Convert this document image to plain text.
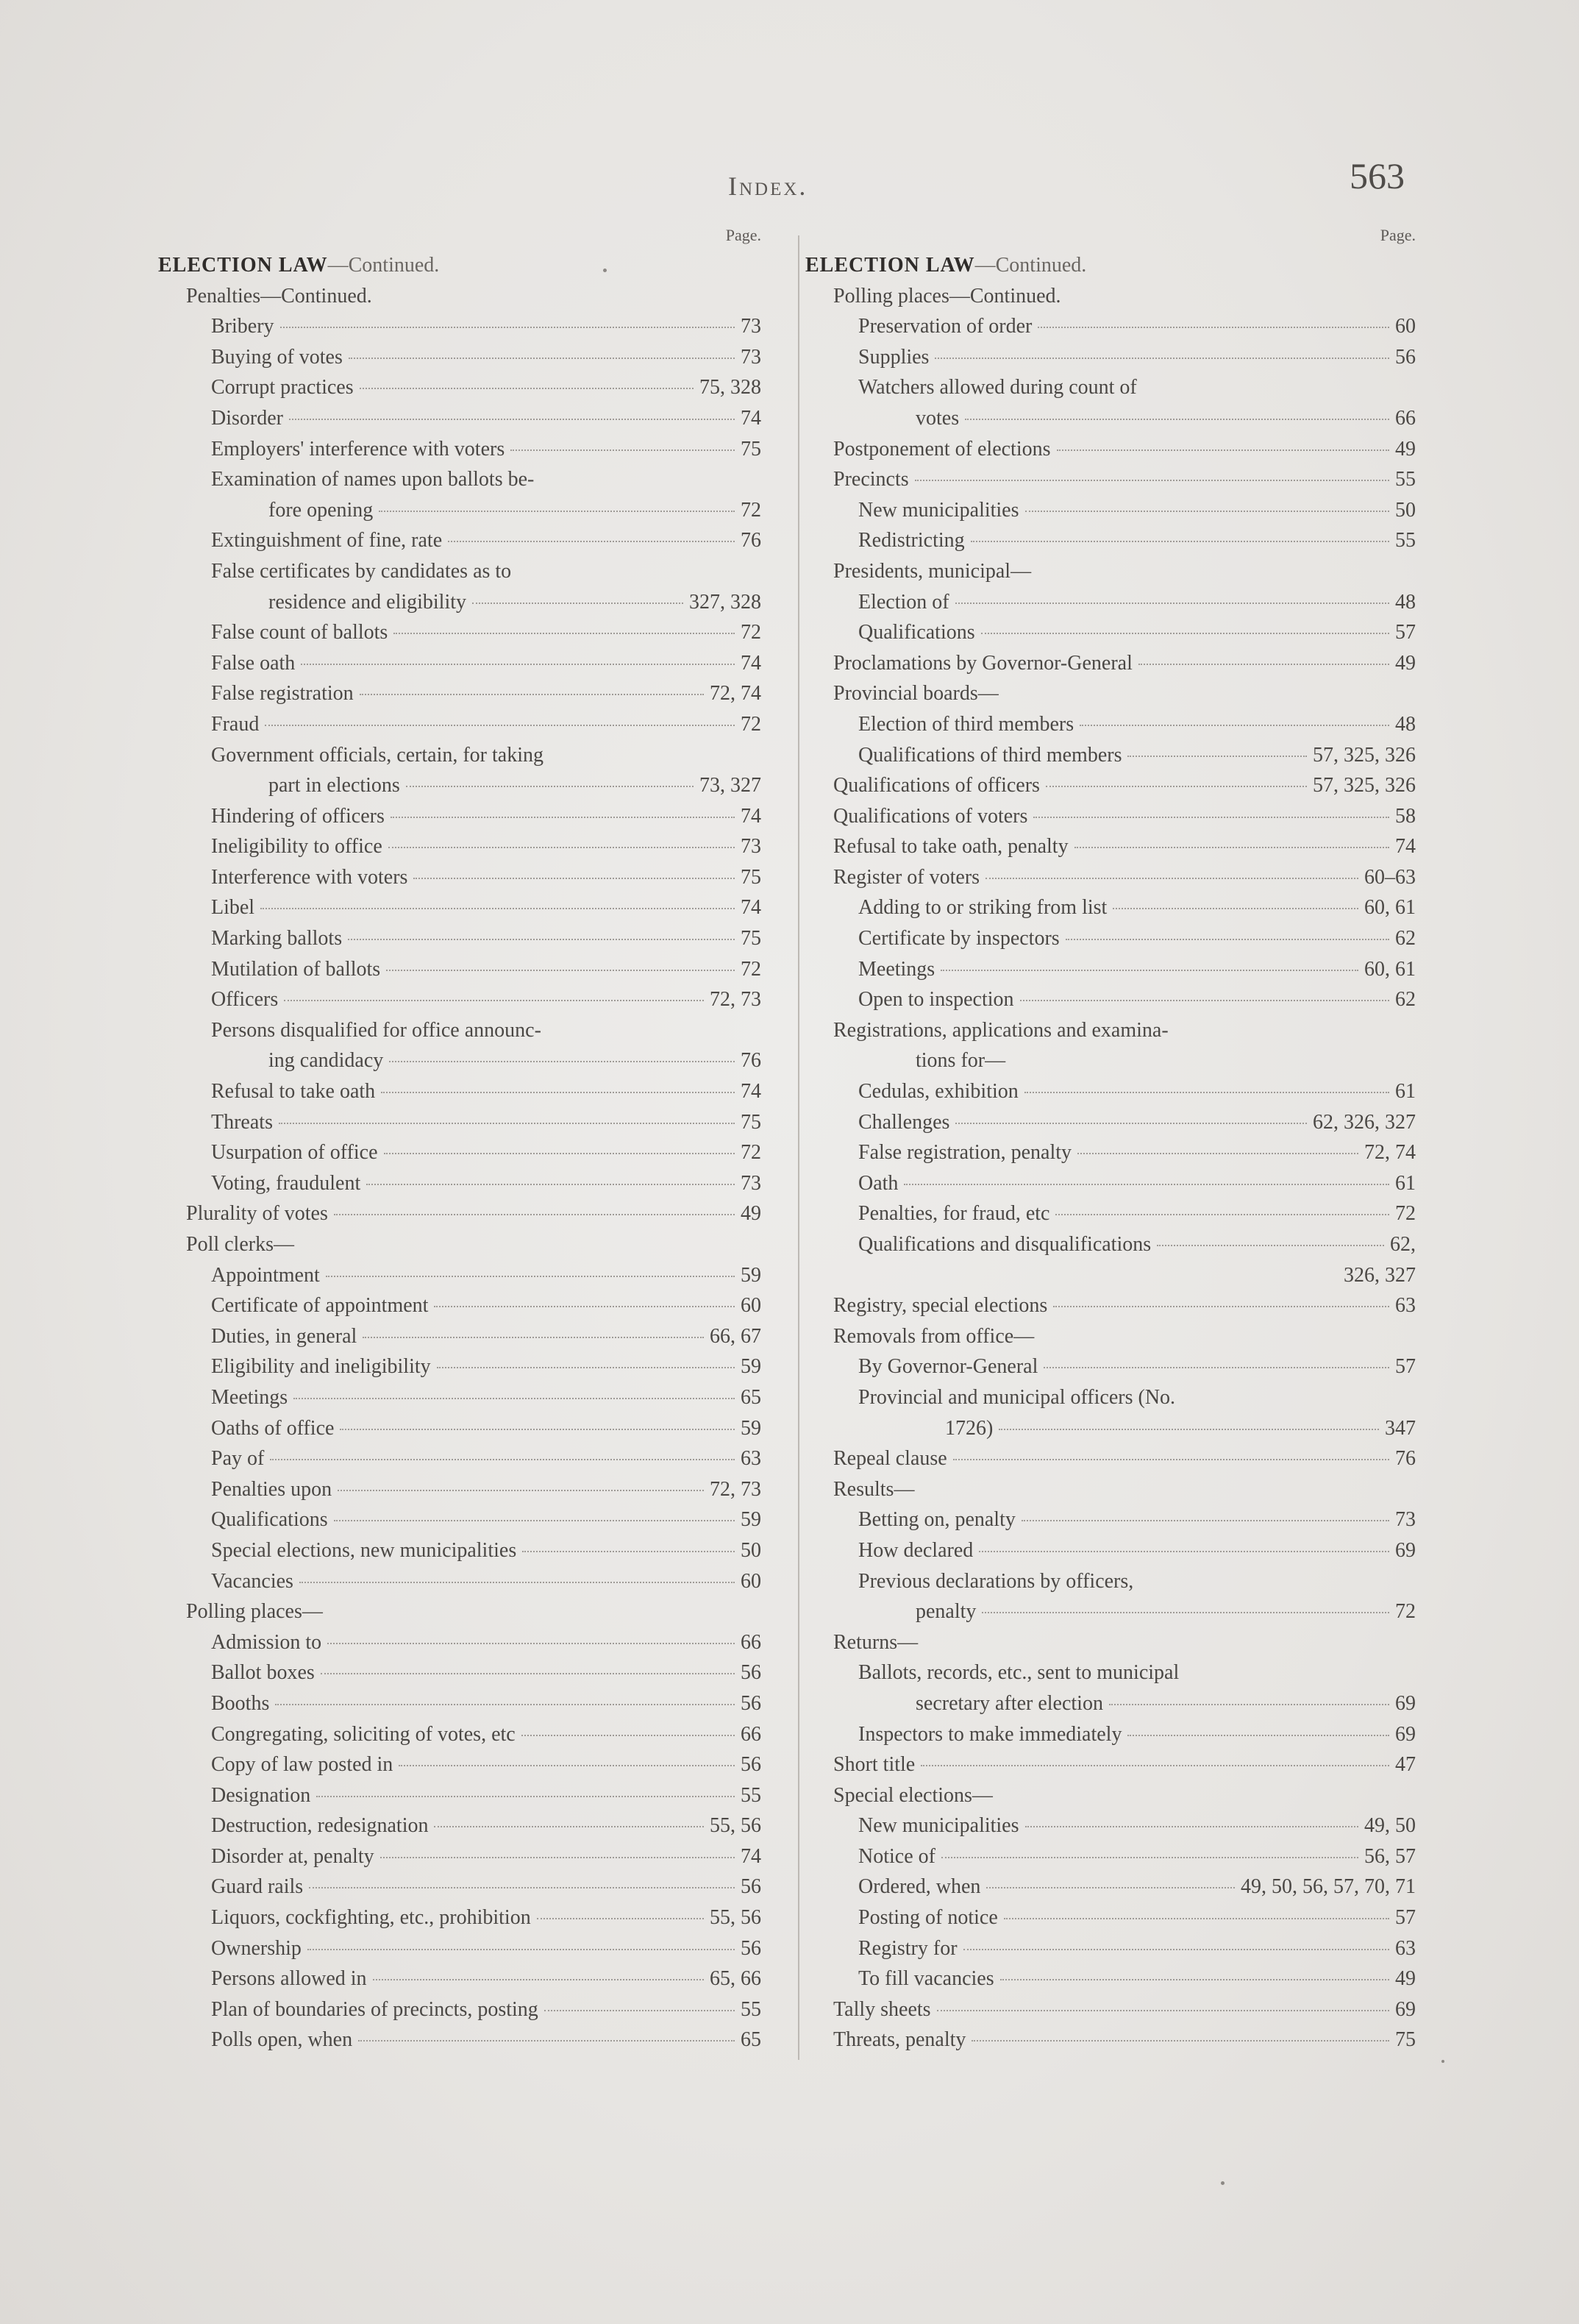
Index.	563
Page.
ELECTION LAW—Continued.
Penalties—Continued.
Bribery	73
Buying of votes	73
Corrupt practices	75, 328
Disorder	74
Employers' interference with voters	75
Examination of names upon ballots be-
fore opening	72
Extinguishment of fine, rate	76
False certificates by candidates as to
residence and eligibility	327, 328
False count of ballots	72
False oath	74
False registration	72, 74
Fraud	72
Government officials, certain, for taking
part in elections	73, 327
Hindering of officers	74
Ineligibility to office	73
Interference with voters	75
Libel	74
Marking ballots	75
Mutilation of ballots	72
Officers	72, 73
Persons disqualified for office announc-
ing candidacy	76
Refusal to take oath	74
Threats	75
Usurpation of office	72
Voting, fraudulent	73
Plurality of votes	49
Poll clerks—
Appointment	59
Certificate of appointment	60
Duties, in general	66, 67
Eligibility and ineligibility	59
Meetings	65
Oaths of office	59
Pay of	63
Penalties upon	72, 73
Qualifications	59
Special elections, new municipalities	50
Vacancies	60
Polling places—
Admission to	66
Ballot boxes	56
Booths	56
Congregating, soliciting of votes, etc	66
Copy of law posted in	56
Designation	55
Destruction, redesignation	55, 56
Disorder at, penalty	74
Guard rails	56
Liquors, cockfighting, etc., prohibition	55, 56
Ownership	56
Persons allowed in	65, 66
Plan of boundaries of precincts, posting	55
Polls open, when	65
Page.
ELECTION LAW—Continued.
Polling places—Continued.
Preservation of order	60
Supplies	56
Watchers allowed during count of
votes	66
Postponement of elections	49
Precincts	55
New municipalities	50
Redistricting	55
Presidents, municipal—
Election of	48
Qualifications	57
Proclamations by Governor-General	49
Provincial boards—
Election of third members	48
Qualifications of third members	57, 325, 326
Qualifications of officers	57, 325, 326
Qualifications of voters	58
Refusal to take oath, penalty	74
Register of voters	60–63
Adding to or striking from list	60, 61
Certificate by inspectors	62
Meetings	60, 61
Open to inspection	62
Registrations, applications and examina-
tions for—
Cedulas, exhibition	61
Challenges	62, 326, 327
False registration, penalty	72, 74
Oath	61
Penalties, for fraud, etc	72
Qualifications and disqualifications	62,
326, 327
Registry, special elections	63
Removals from office—
By Governor-General	57
Provincial and municipal officers (No.
1726)	347
Repeal clause	76
Results—
Betting on, penalty	73
How declared	69
Previous declarations by officers,
penalty	72
Returns—
Ballots, records, etc., sent to municipal
secretary after election	69
Inspectors to make immediately	69
Short title	47
Special elections—
New municipalities	49, 50
Notice of	56, 57
Ordered, when	49, 50, 56, 57, 70, 71
Posting of notice	57
Registry for	63
To fill vacancies	49
Tally sheets	69
Threats, penalty	75
